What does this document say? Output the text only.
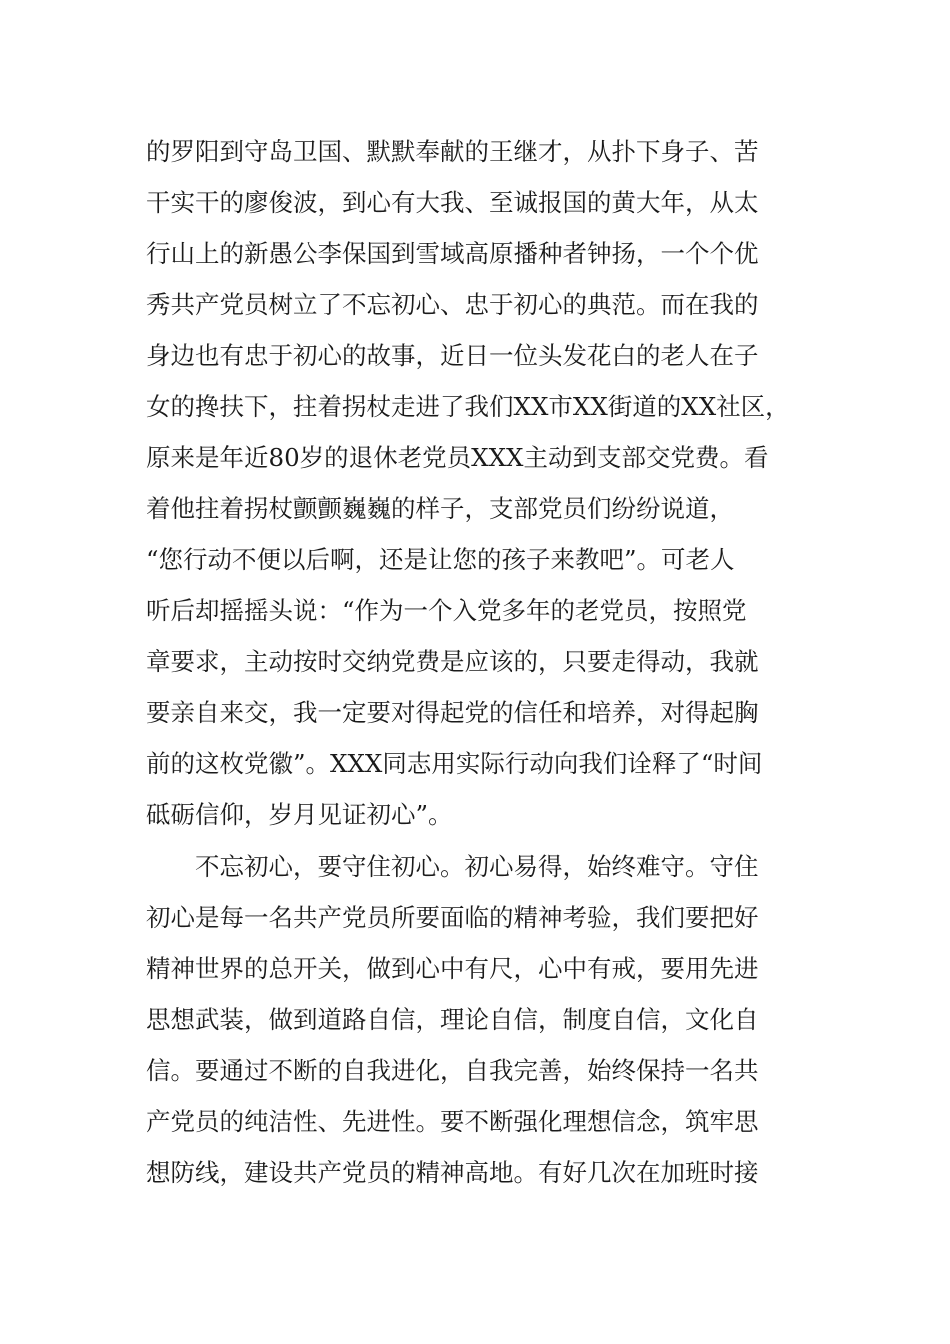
的罗阳到守岛卫国、默默奉献的王继才，从扑下身子、苦
干实干的廖俊波，到心有大我、至诚报国的黄大年，从太
行山上的新愚公李保国到雪域高原播种者钟扬，一个个优
秀共产党员树立了不忘初心、忠于初心的典范。而在我的
身边也有忠于初心的故事，近日一位头发花白的老人在子
女的搀扶下，拄着拐杖走进了我们XX市XX街道的XX社区，
原来是年近80岁的退休老党员XXX主动到支部交党费。看
着他拄着拐杖颤颤巍巍的样子，支部党员们纷纷说道，
“您行动不便以后啊，还是让您的孩子来教吧”。可老人
听后却摇摇头说：“作为一个入党多年的老党员，按照党
章要求，主动按时交纳党费是应该的，只要走得动，我就
要亲自来交，我一定要对得起党的信任和培养，对得起胸
前的这枚党徽”。XXX同志用实际行动向我们诠释了“时间
砥砺信仰，岁月见证初心”。
　　不忘初心，要守住初心。初心易得，始终难守。守住
初心是每一名共产党员所要面临的精神考验，我们要把好
精神世界的总开关，做到心中有尺，心中有戒，要用先进
思想武装，做到道路自信，理论自信，制度自信，文化自
信。要通过不断的自我进化，自我完善，始终保持一名共
产党员的纯洁性、先进性。要不断强化理想信念，筑牢思
想防线，建设共产党员的精神高地。有好几次在加班时接
